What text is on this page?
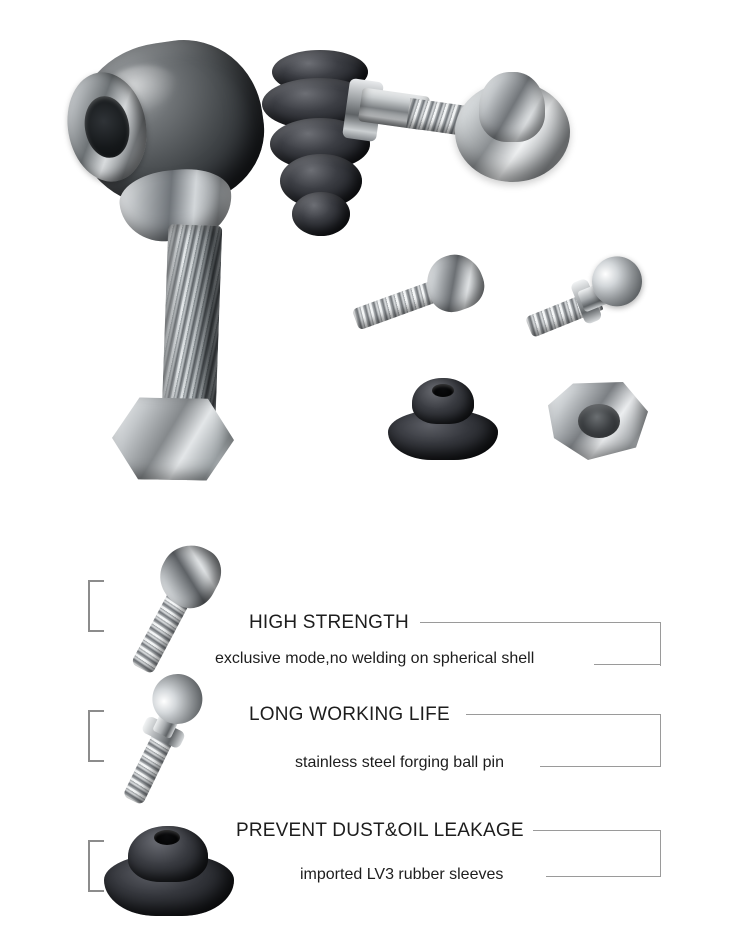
HIGH STRENGTH
exclusive mode,no welding on spherical shell
LONG WORKING LIFE
stainless steel forging ball pin
PREVENT DUST&OIL LEAKAGE
imported LV3 rubber sleeves
